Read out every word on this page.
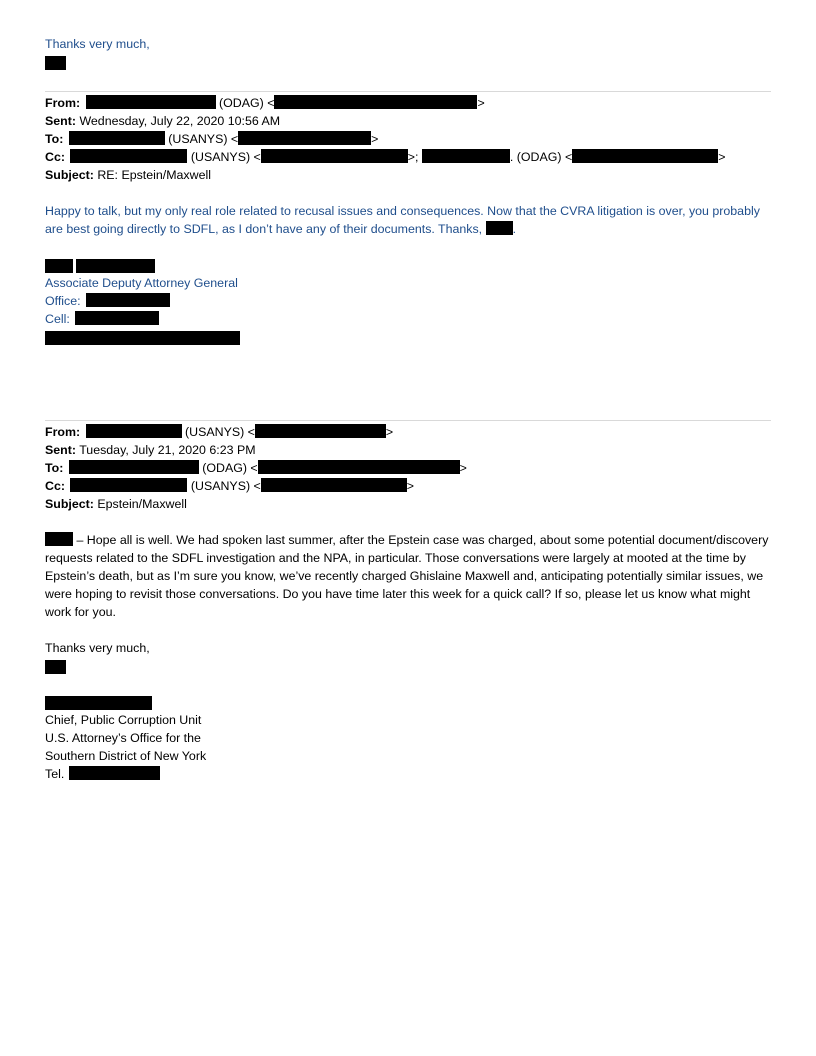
Thanks very much,
From:	(ODAG) <	>
Sent: Wednesday, July 22, 2020 10:56 AM
To:	(USANYS) <	>
Cc:	(USANYS) <	>;	. (ODAG) <	>
Subject: RE: Epstein/Maxwell
Happy to talk, but my only real role related to recusal issues and consequences. Now that the CVRA litigation is over, you probably are best going directly to SDFL, as I don’t have any of their documents. Thanks, .
Associate Deputy Attorney General
Office:
Cell:
From:	(USANYS) <	>
Sent: Tuesday, July 21, 2020 6:23 PM
To:	(ODAG) <	>
Cc:	(USANYS) <	>
Subject: Epstein/Maxwell
– Hope all is well. We had spoken last summer, after the Epstein case was charged, about some potential document/discovery requests related to the SDFL investigation and the NPA, in particular. Those conversations were largely at mooted at the time by Epstein’s death, but as I’m sure you know, we’ve recently charged Ghislaine Maxwell and, anticipating potentially similar issues, we were hoping to revisit those conversations. Do you have time later this week for a quick call? If so, please let us know what might work for you.
Thanks very much,
Chief, Public Corruption Unit
U.S. Attorney’s Office for the
Southern District of New York
Tel.
